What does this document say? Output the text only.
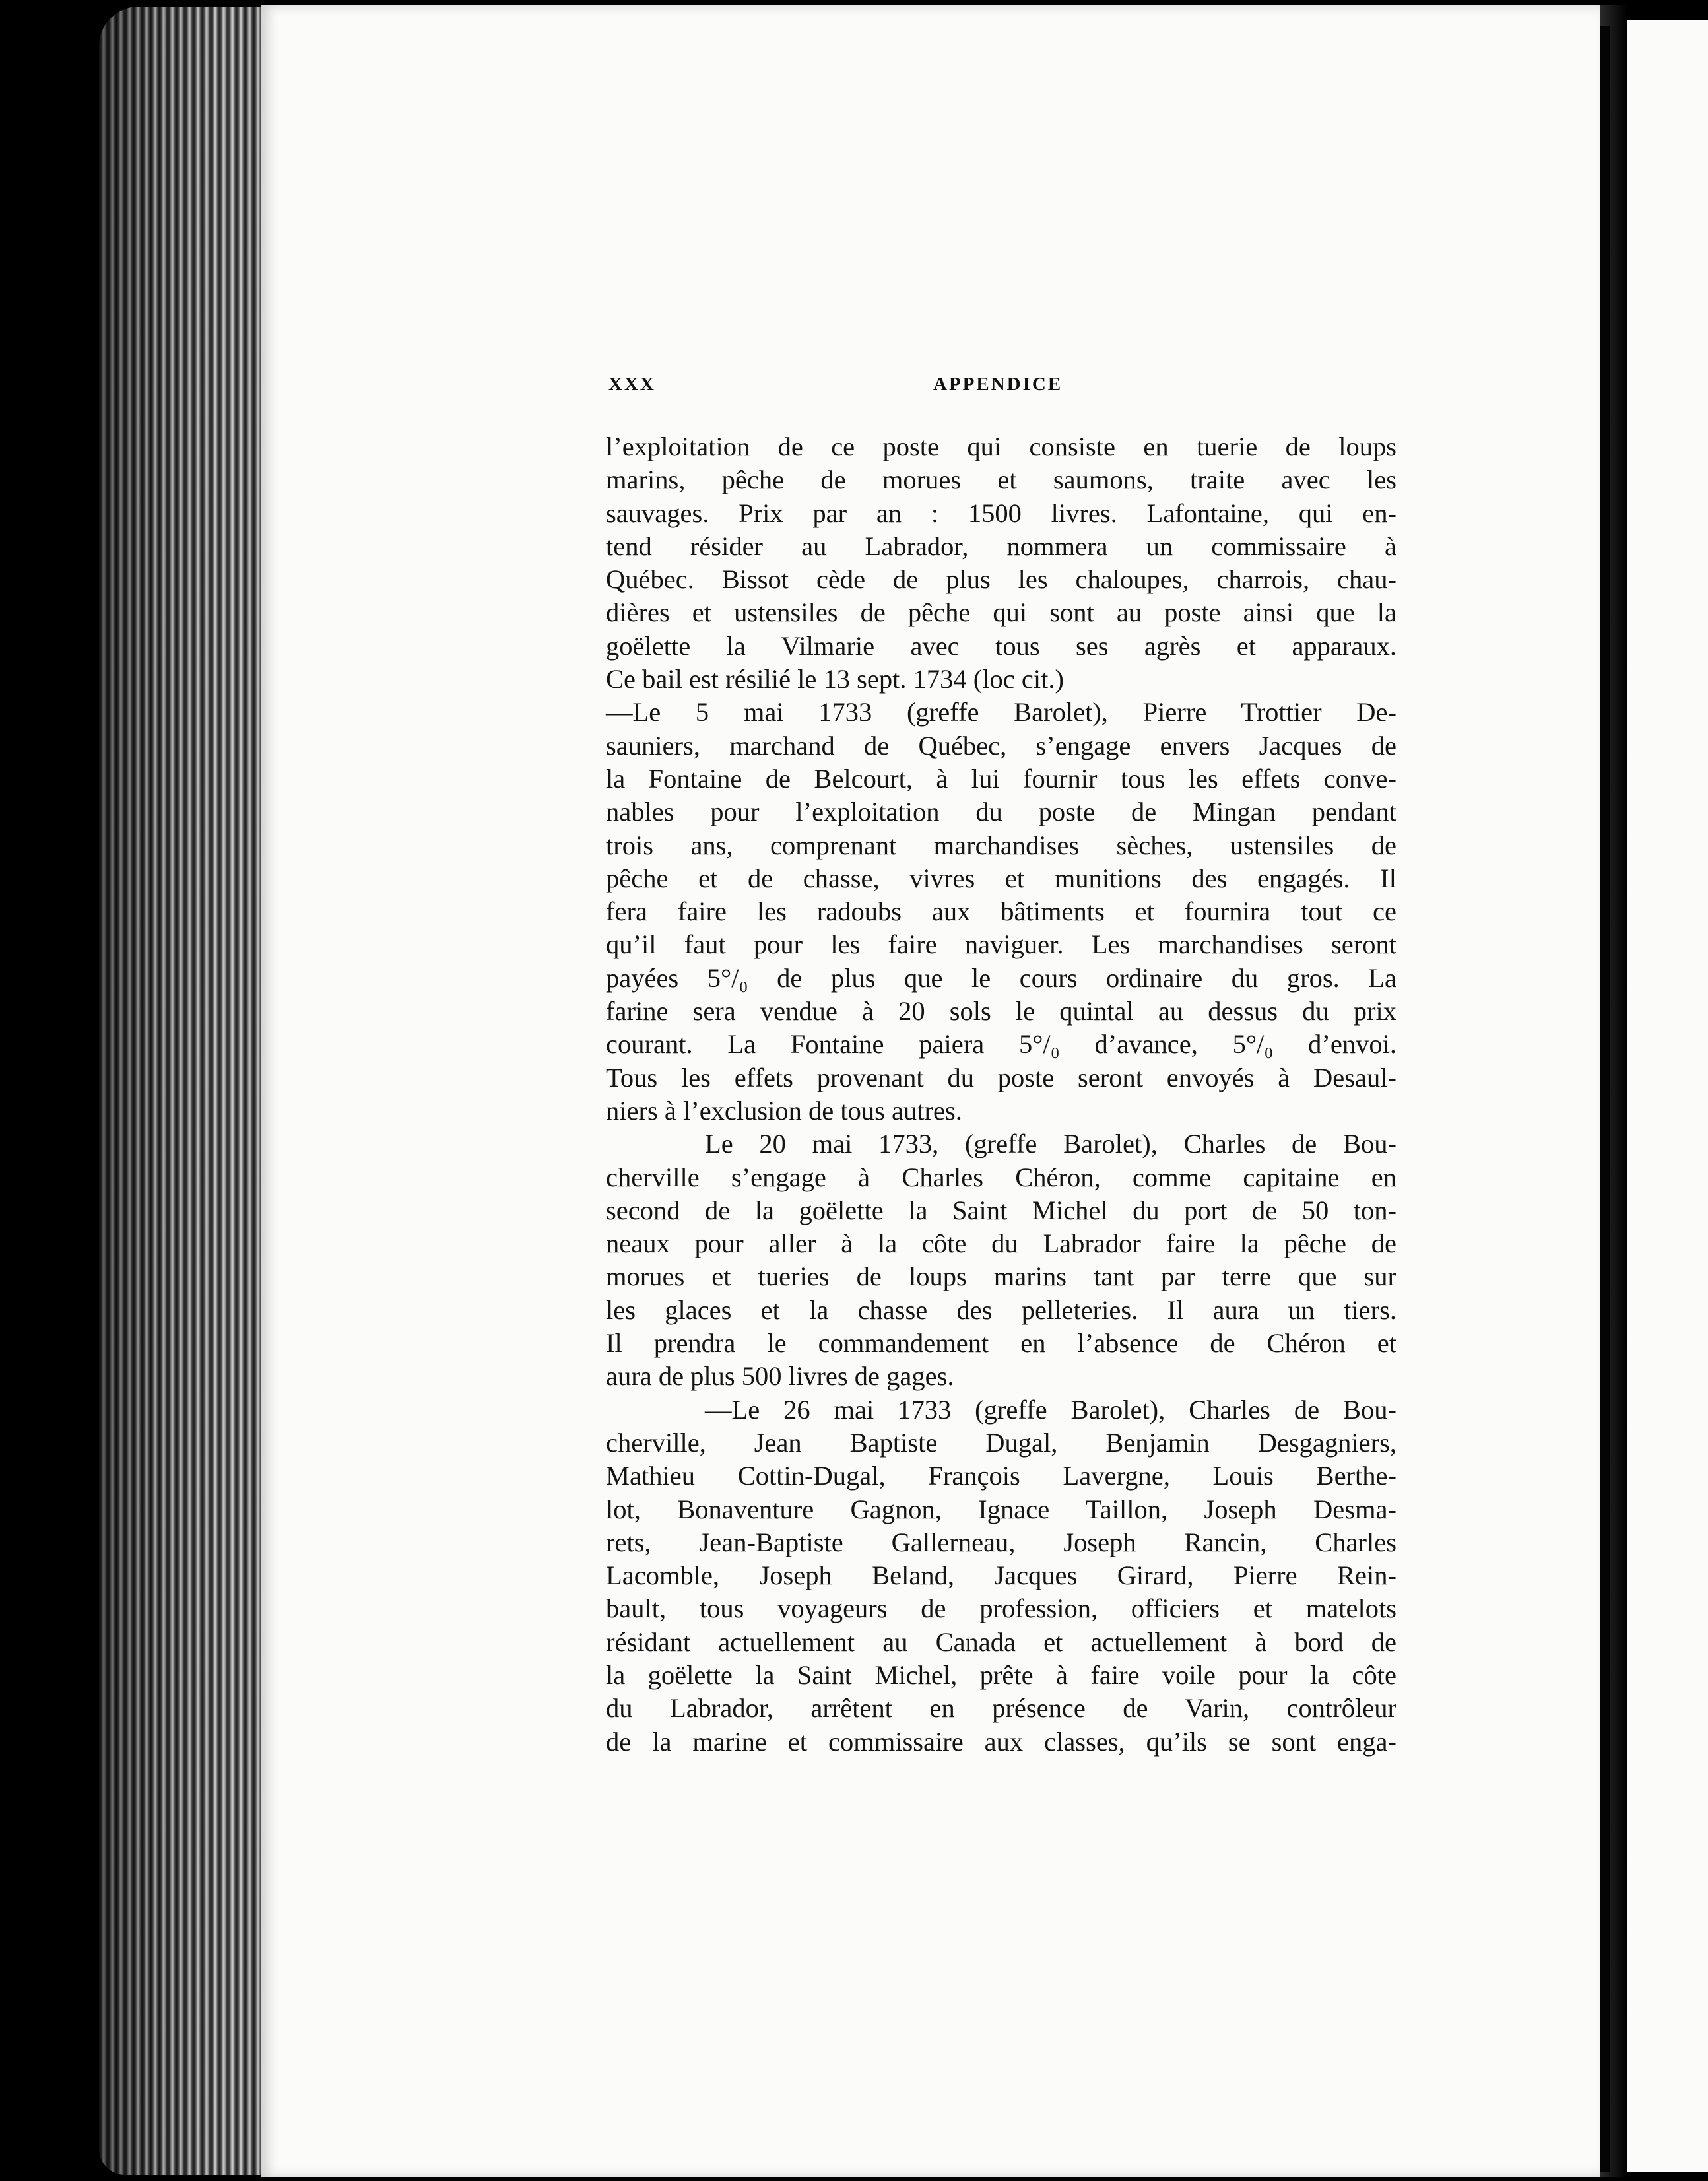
XXX	APPENDICE
l’exploitation de ce poste qui consiste en tuerie de loups
marins, pêche de morues et saumons, traite avec les
sauvages. Prix par an : 1500 livres. Lafontaine, qui en-
tend résider au Labrador, nommera un commissaire à
Québec. Bissot cède de plus les chaloupes, charrois, chau-
dières et ustensiles de pêche qui sont au poste ainsi que la
goëlette la Vilmarie avec tous ses agrès et apparaux.
Ce bail est résilié le 13 sept. 1734 (loc cit.)
—Le 5 mai 1733 (greffe Barolet), Pierre Trottier De-
sauniers, marchand de Québec, s’engage envers Jacques de
la Fontaine de Belcourt, à lui fournir tous les effets conve-
nables pour l’exploitation du poste de Mingan pendant
trois ans, comprenant marchandises sèches, ustensiles de
pêche et de chasse, vivres et munitions des engagés. Il
fera faire les radoubs aux bâtiments et fournira tout ce
qu’il faut pour les faire naviguer. Les marchandises seront
payées 5°/₀ de plus que le cours ordinaire du gros. La
farine sera vendue à 20 sols le quintal au dessus du prix
courant. La Fontaine paiera 5°/₀ d’avance, 5°/₀ d’envoi.
Tous les effets provenant du poste seront envoyés à Desaul-
niers à l’exclusion de tous autres.
Le 20 mai 1733, (greffe Barolet), Charles de Bou-
cherville s’engage à Charles Chéron, comme capitaine en
second de la goëlette la Saint Michel du port de 50 ton-
neaux pour aller à la côte du Labrador faire la pêche de
morues et tueries de loups marins tant par terre que sur
les glaces et la chasse des pelleteries. Il aura un tiers.
Il prendra le commandement en l’absence de Chéron et
aura de plus 500 livres de gages.
—Le 26 mai 1733 (greffe Barolet), Charles de Bou-
cherville, Jean Baptiste Dugal, Benjamin Desgagniers,
Mathieu Cottin-Dugal, François Lavergne, Louis Berthe-
lot, Bonaventure Gagnon, Ignace Taillon, Joseph Desma-
rets, Jean-Baptiste Gallerneau, Joseph Rancin, Charles
Lacomble, Joseph Beland, Jacques Girard, Pierre Rein-
bault, tous voyageurs de profession, officiers et matelots
résidant actuellement au Canada et actuellement à bord de
la goëlette la Saint Michel, prête à faire voile pour la côte
du Labrador, arrêtent en présence de Varin, contrôleur
de la marine et commissaire aux classes, qu’ils se sont enga-
